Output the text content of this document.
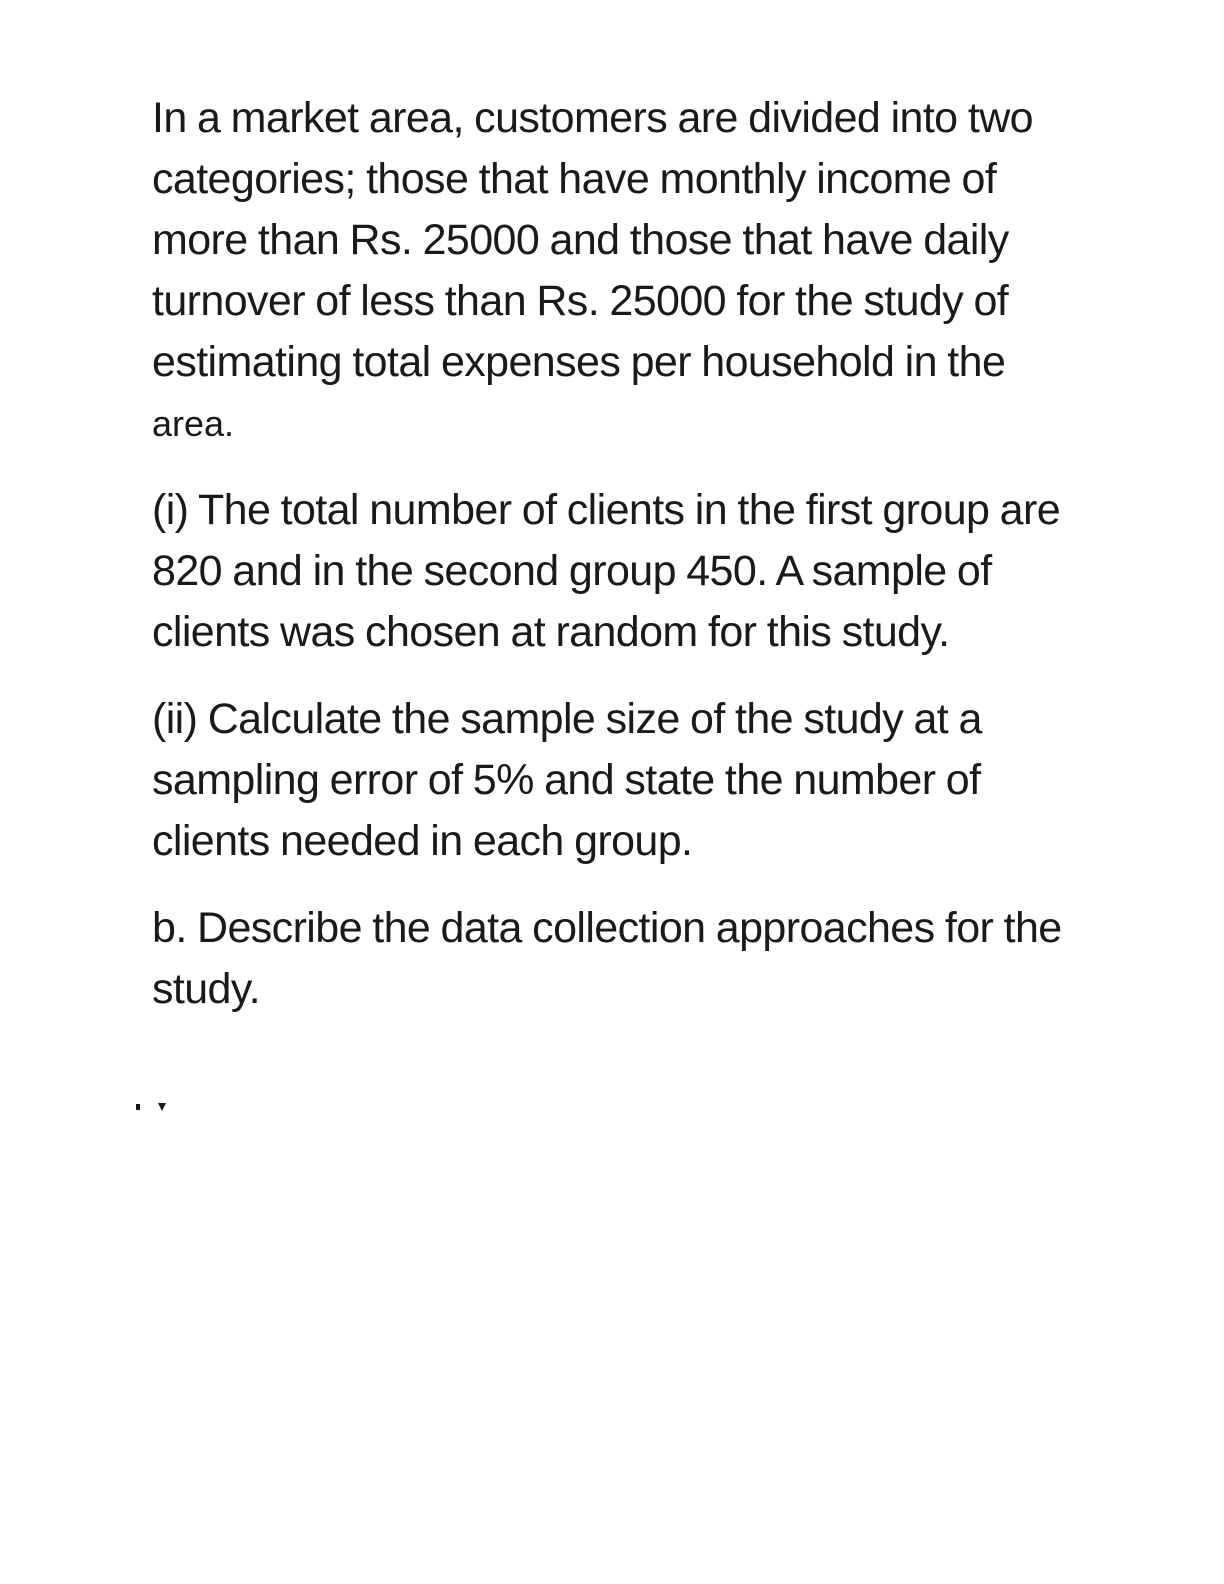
In a market area, customers are divided into two categories; those that have monthly income of more than Rs. 25000 and those that have daily turnover of less than Rs. 25000 for the study of estimating total expenses per household in the
area.

(i) The total number of clients in the first group are 820 and in the second group 450. A sample of clients was chosen at random for this study.

(ii) Calculate the sample size of the study at a sampling error of 5% and state the number of clients needed in each group.

b. Describe the data collection approaches for the study.
